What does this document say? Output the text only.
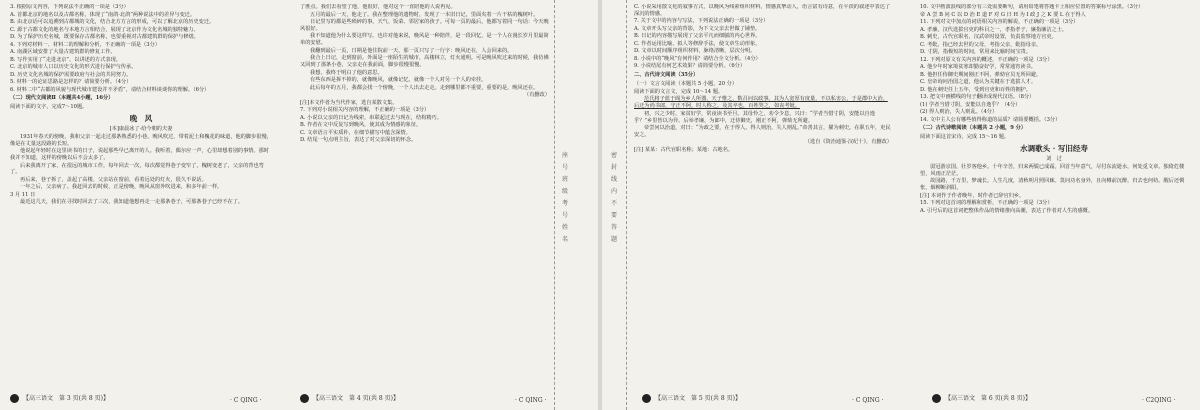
3. 根据原文内容，下列说法不正确的一项是（3分）
A. 首都北京的地名以及古都名称，体现了“南鸽·北鸽”两种说法中的差异与变迁。
B. 由北京话可以追溯到古都城的文化，结合北方方言的形成，可以了解北京的历史变迁。
C. 源于古都文化的地名与本地方言相结合，展现了北京作为文化名城的独特魅力。
D. 为了保护历史名城，既要保存古都名称，也要重视对古都建筑群的保护与修缮。
4. 下列对材料一、材料二的理解和分析，不正确的一项是（3分）
A. 南湖区域安排了大量古建筑群的修复工作。
B. 写作实用了“走进北京”，以讲述的方式表现。
C. 北京的城市人口以历史文化的形式进行保护与传承。
D. 历史文化名城的保护需要政府与社会的共同努力。
5. 材料一的论证思路是怎样的？请简要分析。（4分）
6. 材料二中“古都的风貌与现代城市建设并不矛盾”，请结合材料谈谈你的理解。（6分）
（二）现代文阅读Ⅱ（本题共4小题，16分）
阅读下面的文字，完成7～10题。
晚　风
[本]康晨冰了·给今朝的夫妻
1931年春天的傍晚，我和父亲一起走过那条熟悉的小巷。晚风吹过，带着泥土和槐花的味道，他的脚步很慢，像是在丈量这段路的长短。
他说起年轻时在这里读书的日子，说起那些早已离开的人。我听着，偶尔应一声，心里却想着别的事情。那时我并不知道，这样的傍晚以后不会太多了。
后来我离开了家，在很远的城市工作。每年回去一次，每次都觉得巷子变窄了，槐树变老了，父亲的背也弯了。
再后来，巷子拆了，盖起了高楼。父亲站在窗前，看着远处的灯火，很久不说话。
一年之后，父亲病了。我赶回去的时候，正是傍晚，晚风从窗外吹进来，和多年前一样。
3 月 11 日
最近这几天，我们在寻找时回去了三次，我知道他想再走一走那条巷子，可那条巷子已经不在了。
了胜点。我们去看望了他，他很好，他对这个一直陪他的人说再见。
五月的最后一天，他走了。我在整理他的遗物时，发现了一本旧日记，里面夹着一片干枯的槐树叶。
日记里写的都是些琐碎的事，天气、饭菜、邻居家的孩子。可每一页的最后，他都写着同一句话：今天晚风很好。
我不知道他为什么要这样写。也许对他来说，晚风是一种陪伴，是一段回忆，是一个人在漫长岁月里最简单的安慰。
我翻到最后一页，日期是他住院前一天。那一页只写了一行字：晚风还在，人会回来的。
我合上日记，走到窗前。外面是一座陌生的城市，高楼林立，灯火通明。可是晚风吹过来的时候，我仿佛又回到了那条小巷，父亲走在我前面，脚步很慢很慢。
我想，我终于明白了他的意思。
有些东西是拆不掉的，就像晚风，就像记忆，就像一个人对另一个人的牵挂。
此后每年的五月，我都会找一个傍晚，一个人出去走走。走到哪里都不重要，重要的是，晚风还在。
（有删改）
[注]本文作者为当代作家，选自某散文集。
7. 下列对小说相关内容的理解，不正确的一项是（3分）
A. 小说以父亲的日记为线索，串联起过去与现在，结构精巧。
B. 作者在文中反复写到晚风，使其成为情感的象征。
C. 文章语言平实质朴，在细节描写中蕴含深情。
D. 结尾一句点明主旨，表达了对父亲深切的怀念。
【高三语文　第 3 页(共 8 页)】	· C QING ·	【高三语文　第 4 页(共 8 页)】	· C QING ·
座号 班级 考号 姓名
密 封 线 内 不 要 答 题
C. 小说采用散文化的叙事方式，以晚风为线索组织材料，情感真挚动人，语言富有诗意，在平淡的叙述中表达了深沉的情感。
7. 关于文中的内容与写法，下列说法正确的一项是（3分）
A. 文章开头写父亲的背影，为下文父亲去世做了铺垫。
B. 日记的内容描写展现了父亲平凡而细腻的内心世界。
C. 作者运用比喻、拟人等修辞手法，使文章生动形象。
D. 文章以时间顺序组织材料，脉络清晰，层次分明。
8. 小说中的“晚风”有何作用？请结合全文分析。（4分）
9. 小说结尾有何艺术效果？请简要分析。（6分）
二、古代诗文阅读（35分）
（一）文言文阅读（本题共 5 小题，20 分）
阅读下面的文言文，完成 10～14 题。
范氏将子蓝于阁为乡人所器，天子惟之，数召问以政事。其为人宽厚有度量，不以私害公，于是郡中大治。后迁为尚书郎，守正不阿，时人称之。及其卒也，百姓哭之，如丧考妣。
初，兴之少时，家贫好学，常夜读书至旦。其母怜之，劝令少息，兴曰：“学者当惜寸阴，安能以自逸乎？”乡里皆以为异。后举孝廉，为郎中，迁侍御史，刚正不阿，弹劾无所避。
帝尝问以治道，对曰：“为政之要，在于得人。得人则治，失人则乱。”帝善其言，擢为刺史。在职五年，吏民安之。
（选自《资治通鉴·汉纪十》，有删改）
[注] 某某：古代官职名称；某地：古地名。
10. 文中画波浪线的部分有三处需要断句，请用铅笔将答题卡上相应位置的答案标号涂黑。（3分）
帝 A 尝 B 问 C 以 D 治 E 道 F 对 G 曰 H 为 I 政 J 之 K 要 L 在于得人
11. 下列对文中加点的词语相关内容的解说，不正确的一项是（3分）
A. 孝廉，汉代选拔官吏的科目之一，孝指孝子，廉指廉洁之士。
B. 刺史，古代官职名，汉武帝时设置，负责监察地方官吏。
C. 考妣，指已经去世的父母，考指父亲，妣指母亲。
D. 寸阴，指极短的时间，常用来比喻时间宝贵。
12. 下列对原文有关内容的概述，不正确的一项是（3分）
A. 他少年时家境贫寒却勤奋好学，常常通宵读书。
B. 他担任侍御史期间刚正不阿，弹劾官员无所回避。
C. 皇帝询问治国之道，他认为关键在于选拔人才。
D. 他在刺史任上五年，受到官吏和百姓的拥护。
13. 把文中画横线的句子翻译成现代汉语。（8分）
(1) 学者当惜寸阴，安能以自逸乎？（4分）
(2) 得人则治，失人则乱。（4分）
14. 文中主人公有哪些值得称道的品质？请简要概括。（3分）
（二）古代诗歌阅读（本题共 2 小题，9 分）
阅读下面这首宋诗，完成 15～16 题。
水调歌头 · 写旧经寿
刘　过
弱冠游京国，壮岁客他乡。十年辛苦，归来两鬓已成霜。回首当年意气，尽付东流逝水，何处觅文章。独倚危楼望，风雨正茫茫。
故园路，千万里，梦魂长。人生几度，清秋明月照回廊。莫问功名身外，且向樽前沉醉，归去也何妨。醒后还惆怅，烟柳断斜阳。
[注] 本词作于作者晚年，时作者已辞官归乡。
15. 下列对这首词的理解和赏析，不正确的一项是（3分）
A. 引号后的这首词把整体作品的情绪推向高潮，表达了作者对人生的感慨。
【高三语文　第 5 页(共 8 页)】	· C QING ·	【高三语文　第 6 页(共 8 页)】	· C2QING ·
